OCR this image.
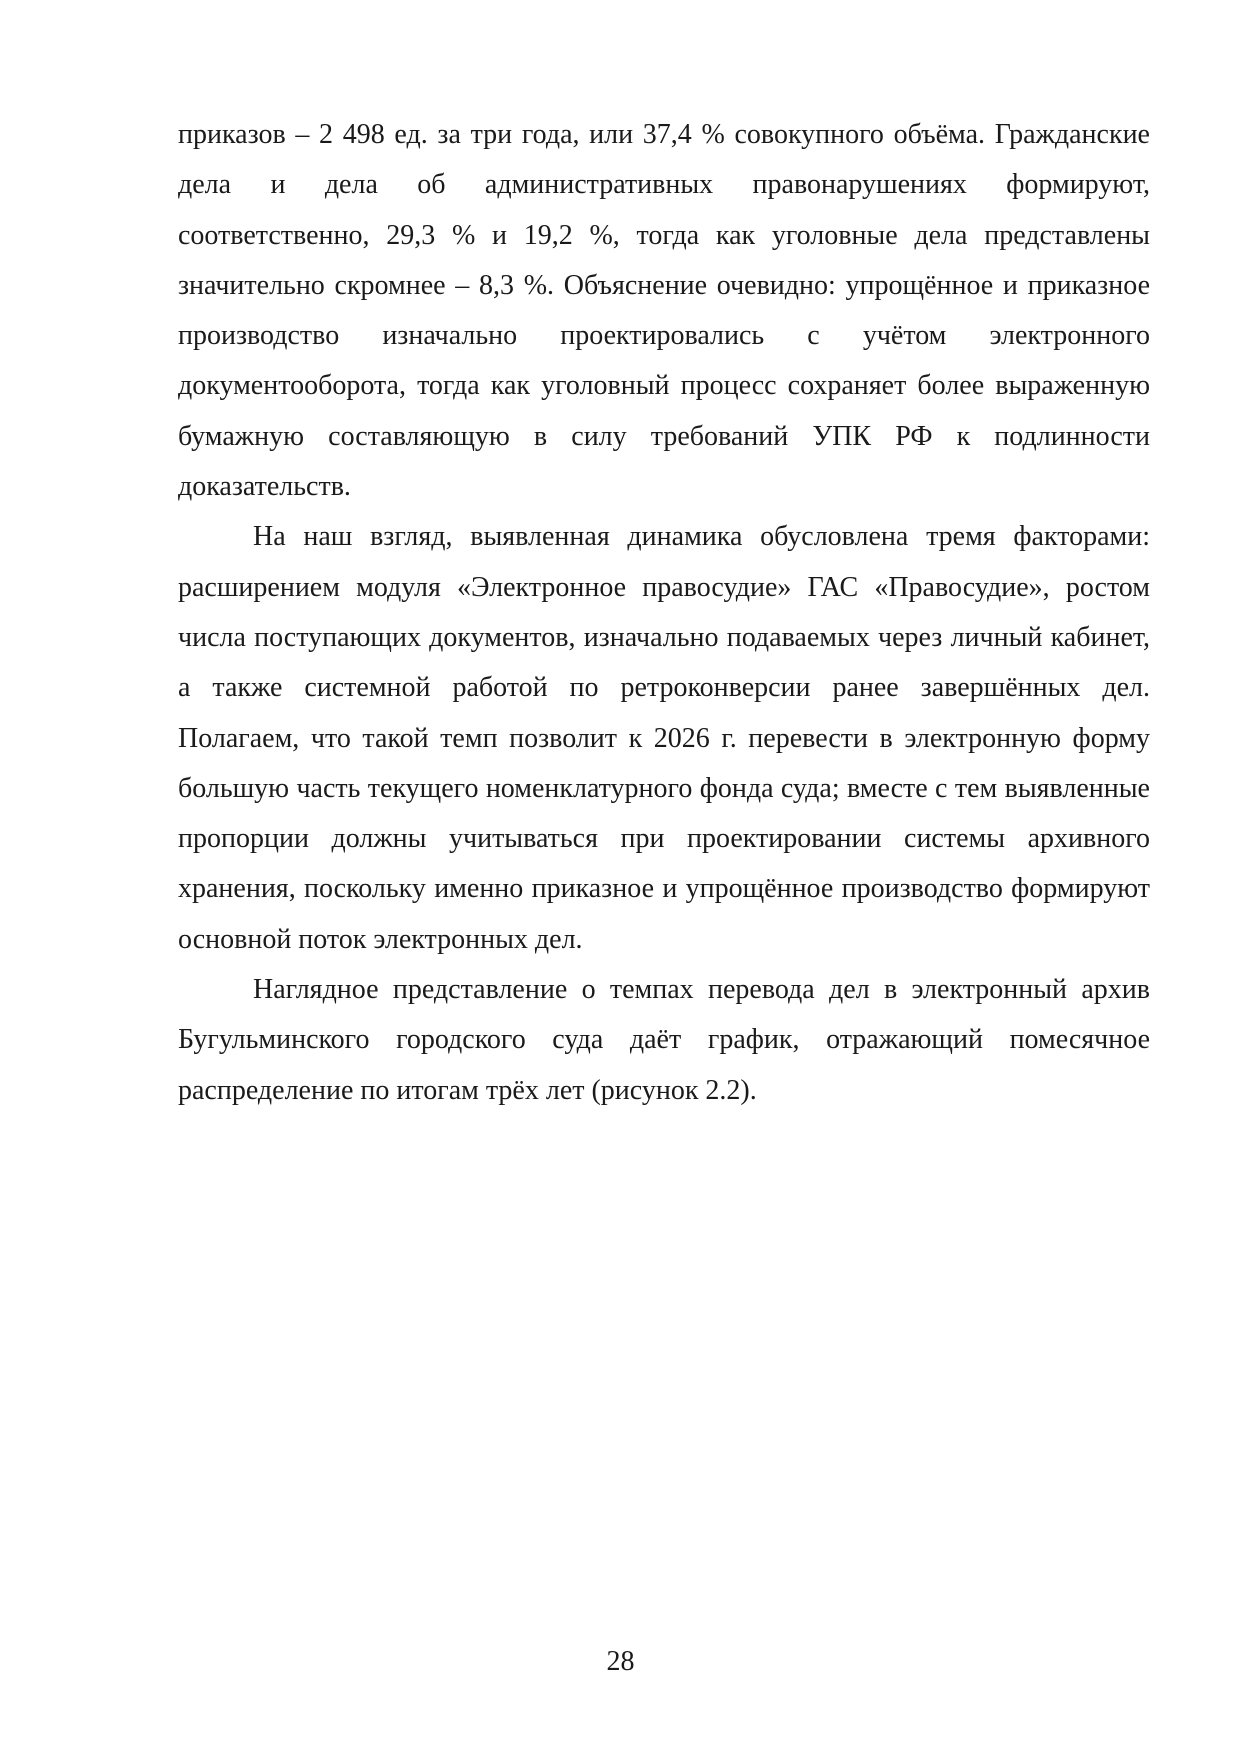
приказов – 2 498 ед. за три года, или 37,4 % совокупного объёма. Гражданские дела и дела об административных правонарушениях формируют, соответственно, 29,3 % и 19,2 %, тогда как уголовные дела представлены значительно скромнее – 8,3 %. Объяснение очевидно: упрощённое и приказное производство изначально проектировались с учётом электронного документооборота, тогда как уголовный процесс сохраняет более выраженную бумажную составляющую в силу требований УПК РФ к подлинности доказательств.

На наш взгляд, выявленная динамика обусловлена тремя факторами: расширением модуля «Электронное правосудие» ГАС «Правосудие», ростом числа поступающих документов, изначально подаваемых через личный кабинет, а также системной работой по ретроконверсии ранее завершённых дел. Полагаем, что такой темп позволит к 2026 г. перевести в электронную форму большую часть текущего номенклатурного фонда суда; вместе с тем выявленные пропорции должны учитываться при проектировании системы архивного хранения, поскольку именно приказное и упрощённое производство формируют основной поток электронных дел.

Наглядное представление о темпах перевода дел в электронный архив Бугульминского городского суда даёт график, отражающий помесячное распределение по итогам трёх лет (рисунок 2.2).

28
